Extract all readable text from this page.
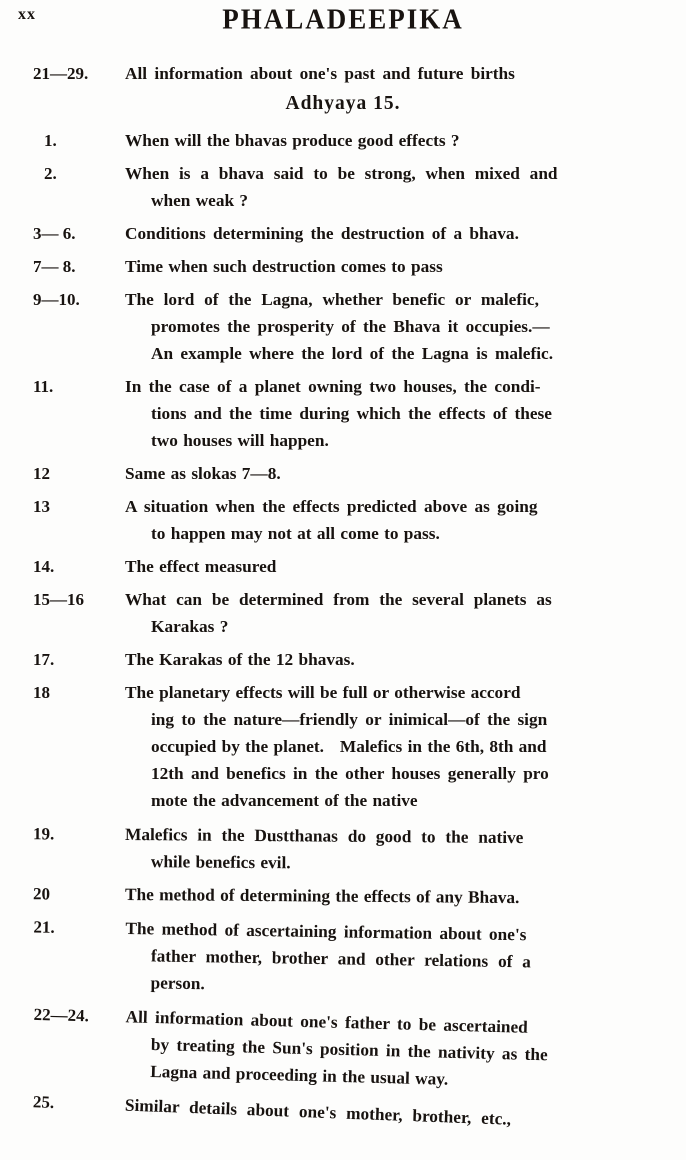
xx	PHALADEEPIKA
21—29.	All information about one's past and future births
Adhyaya 15.
1.	When will the bhavas produce good effects ?
2.	When is a bhava said to be strong, when mixed and
when weak ?
3— 6.	Conditions determining the destruction of a bhava.
7— 8.	Time when such destruction comes to pass
9—10.	The lord of the Lagna, whether benefic or malefic,
promotes the prosperity of the Bhava it occupies.—
An example where the lord of the Lagna is malefic.
11.	In the case of a planet owning two houses, the condi-
tions and the time during which the effects of these
two houses will happen.
12	Same as slokas 7—8.
13	A situation when the effects predicted above as going
to happen may not at all come to pass.
14.	The effect measured
15—16	What can be determined from the several planets as
Karakas ?
17.	The Karakas of the 12 bhavas.
18	The planetary effects will be full or otherwise accord
ing to the nature—friendly or inimical—of the sign
occupied by the planet.   Malefics in the 6th, 8th and
12th and benefics in the other houses generally pro
mote the advancement of the native
19.	Malefics in the Dustthanas do good to the native
while benefics evil.
20	The method of determining the effects of any Bhava.
21.	The method of ascertaining information about one's
father mother, brother and other relations of a
person.
22—24.	All information about one's father to be ascertained
by treating the Sun's position in the nativity as the
Lagna and proceeding in the usual way.
25.	Similar details about one's mother, brother, etc.,
